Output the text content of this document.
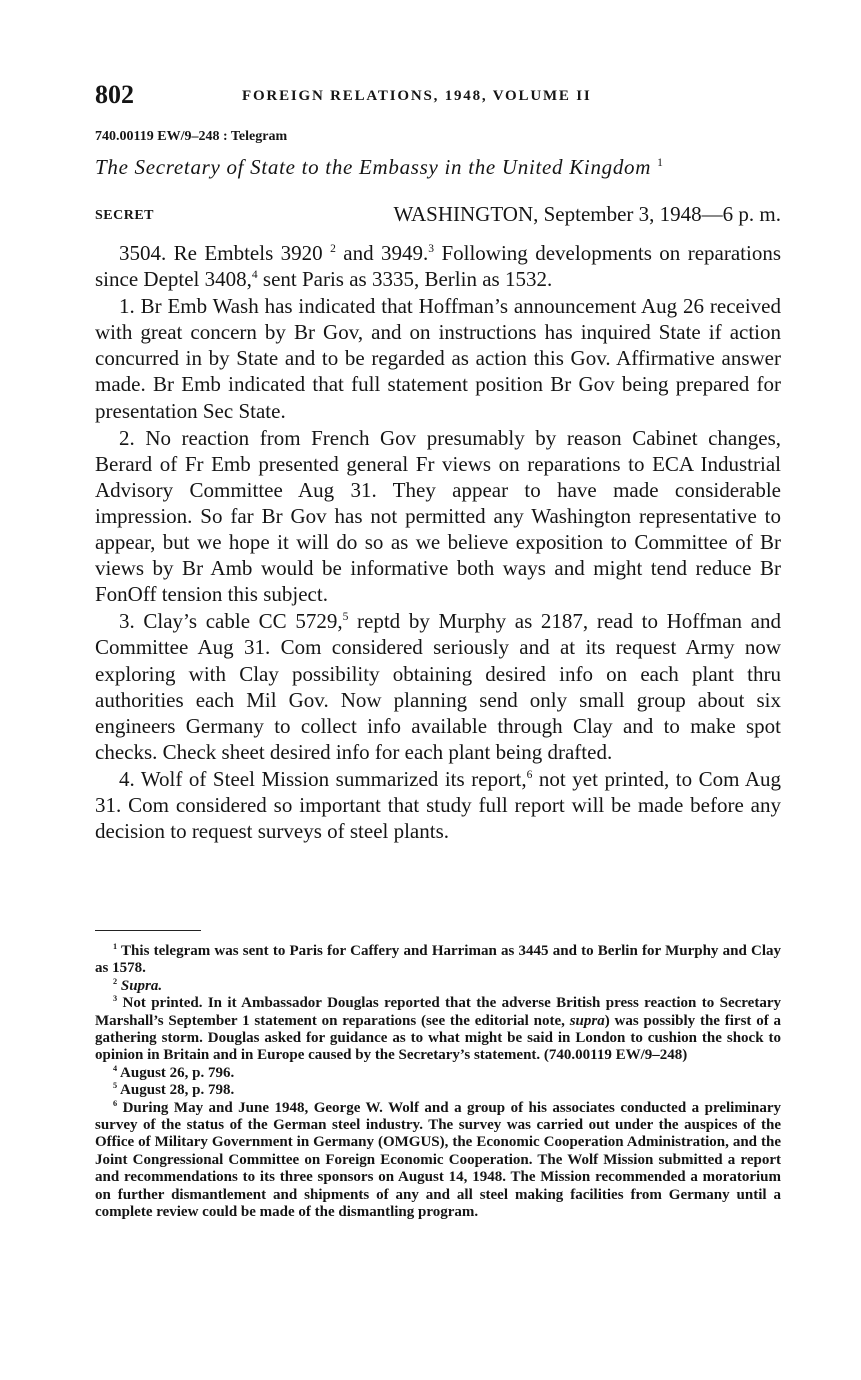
802	FOREIGN RELATIONS, 1948, VOLUME II
740.00119 EW/9–248 : Telegram
The Secretary of State to the Embassy in the United Kingdom $^1$
SECRET	WASHINGTON, September 3, 1948—6 p. m.

3504. Re Embtels 3920 $^2$ and 3949.$^3$ Following developments on reparations since Deptel 3408,$^4$ sent Paris as 3335, Berlin as 1532.

1. Br Emb Wash has indicated that Hoffman’s announcement Aug 26 received with great concern by Br Gov, and on instructions has inquired State if action concurred in by State and to be regarded as action this Gov. Affirmative answer made. Br Emb indicated that full statement position Br Gov being prepared for presentation Sec State.

2. No reaction from French Gov presumably by reason Cabinet changes, Berard of Fr Emb presented general Fr views on reparations to ECA Industrial Advisory Committee Aug 31. They appear to have made considerable impression. So far Br Gov has not permitted any Washington representative to appear, but we hope it will do so as we believe exposition to Committee of Br views by Br Amb would be informative both ways and might tend reduce Br FonOff tension this subject.

3. Clay’s cable CC 5729,$^5$ reptd by Murphy as 2187, read to Hoffman and Committee Aug 31. Com considered seriously and at its request Army now exploring with Clay possibility obtaining desired info on each plant thru authorities each Mil Gov. Now planning send only small group about six engineers Germany to collect info available through Clay and to make spot checks. Check sheet desired info for each plant being drafted.

4. Wolf of Steel Mission summarized its report,$^6$ not yet printed, to Com Aug 31. Com considered so important that study full report will be made before any decision to request surveys of steel plants.

$^1$ This telegram was sent to Paris for Caffery and Harriman as 3445 and to Berlin for Murphy and Clay as 1578.

$^2$ Supra.

$^3$ Not printed. In it Ambassador Douglas reported that the adverse British press reaction to Secretary Marshall’s September 1 statement on reparations (see the editorial note, supra) was possibly the first of a gathering storm. Douglas asked for guidance as to what might be said in London to cushion the shock to opinion in Britain and in Europe caused by the Secretary’s statement. (740.00119 EW/9–248)

$^4$ August 26, p. 796.

$^5$ August 28, p. 798.

$^6$ During May and June 1948, George W. Wolf and a group of his associates conducted a preliminary survey of the status of the German steel industry. The survey was carried out under the auspices of the Office of Military Government in Germany (OMGUS), the Economic Cooperation Administration, and the Joint Congressional Committee on Foreign Economic Cooperation. The Wolf Mission submitted a report and recommendations to its three sponsors on August 14, 1948. The Mission recommended a moratorium on further dismantlement and shipments of any and all steel making facilities from Germany until a complete review could be made of the dismantling program.
